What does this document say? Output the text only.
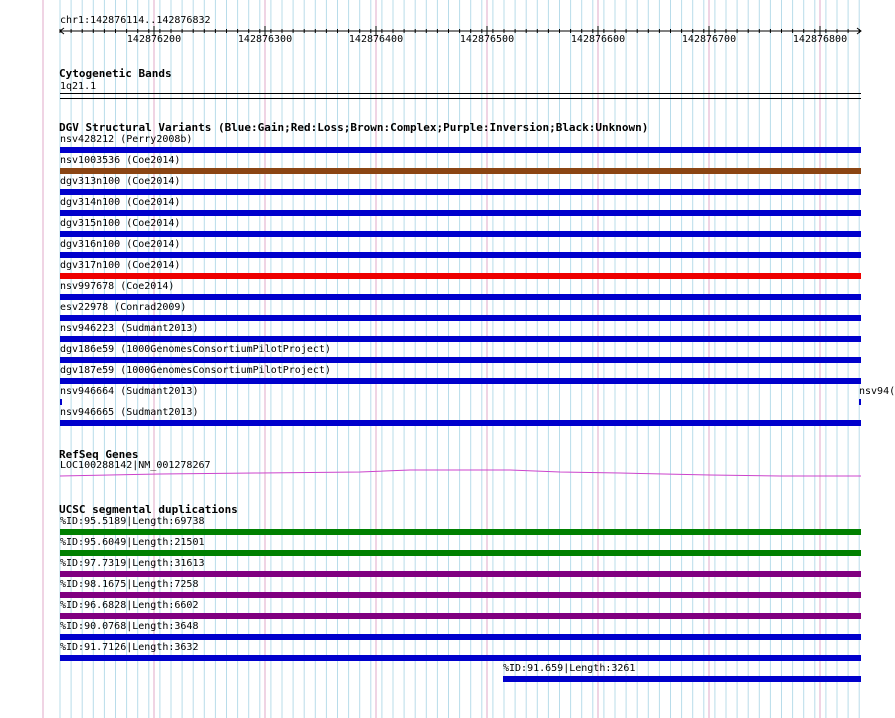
chr1:142876114..142876832
142876200	142876300	142876400	142876500	142876600	142876700	142876800
Cytogenetic Bands
1q21.1
DGV Structural Variants (Blue:Gain;Red:Loss;Brown:Complex;Purple:Inversion;Black:Unknown)
nsv428212 (Perry2008b)
nsv1003536 (Coe2014)
dgv313n100 (Coe2014)
dgv314n100 (Coe2014)
dgv315n100 (Coe2014)
dgv316n100 (Coe2014)
dgv317n100 (Coe2014)
nsv997678 (Coe2014)
esv22978 (Conrad2009)
nsv946223 (Sudmant2013)
dgv186e59 (1000GenomesConsortiumPilotProject)
dgv187e59 (1000GenomesConsortiumPilotProject)
nsv946664 (Sudmant2013)	nsv94(
nsv946665 (Sudmant2013)
RefSeq Genes
LOC100288142|NM_001278267
UCSC segmental duplications
%ID:95.5189|Length:69738
%ID:95.6049|Length:21501
%ID:97.7319|Length:31613
%ID:98.1675|Length:7258
%ID:96.6828|Length:6602
%ID:90.0768|Length:3648
%ID:91.7126|Length:3632
%ID:91.659|Length:3261
